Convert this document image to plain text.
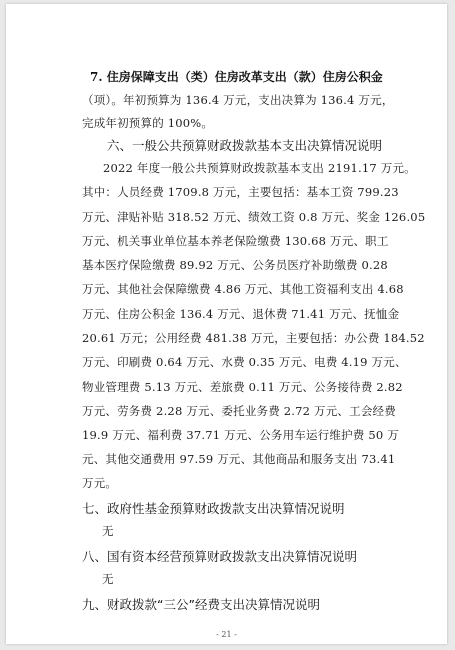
7. 住房保障支出（类）住房改革支出（款）住房公积金
（项）。年初预算为 136.4 万元，支出决算为 136.4 万元，
完成年初预算的 100%。
六、一般公共预算财政拨款基本支出决算情况说明
2022 年度一般公共预算财政拨款基本支出 2191.17 万元。
其中：人员经费 1709.8 万元，主要包括：基本工资 799.23
万元、津贴补贴 318.52 万元、绩效工资 0.8 万元、奖金 126.05
万元、机关事业单位基本养老保险缴费 130.68 万元、职工
基本医疗保险缴费 89.92 万元、公务员医疗补助缴费 0.28
万元、其他社会保障缴费 4.86 万元、其他工资福利支出 4.68
万元、住房公积金 136.4 万元、退休费 71.41 万元、抚恤金
20.61 万元；公用经费 481.38 万元，主要包括：办公费 184.52
万元、印刷费 0.64 万元、水费 0.35 万元、电费 4.19 万元、
物业管理费 5.13 万元、差旅费 0.11 万元、公务接待费 2.82
万元、劳务费 2.28 万元、委托业务费 2.72 万元、工会经费
19.9 万元、福利费 37.71 万元、公务用车运行维护费 50 万
元、其他交通费用 97.59 万元、其他商品和服务支出 73.41
万元。
七、政府性基金预算财政拨款支出决算情况说明
无
八、国有资本经营预算财政拨款支出决算情况说明
无
九、财政拨款“三公”经费支出决算情况说明
- 21 -
